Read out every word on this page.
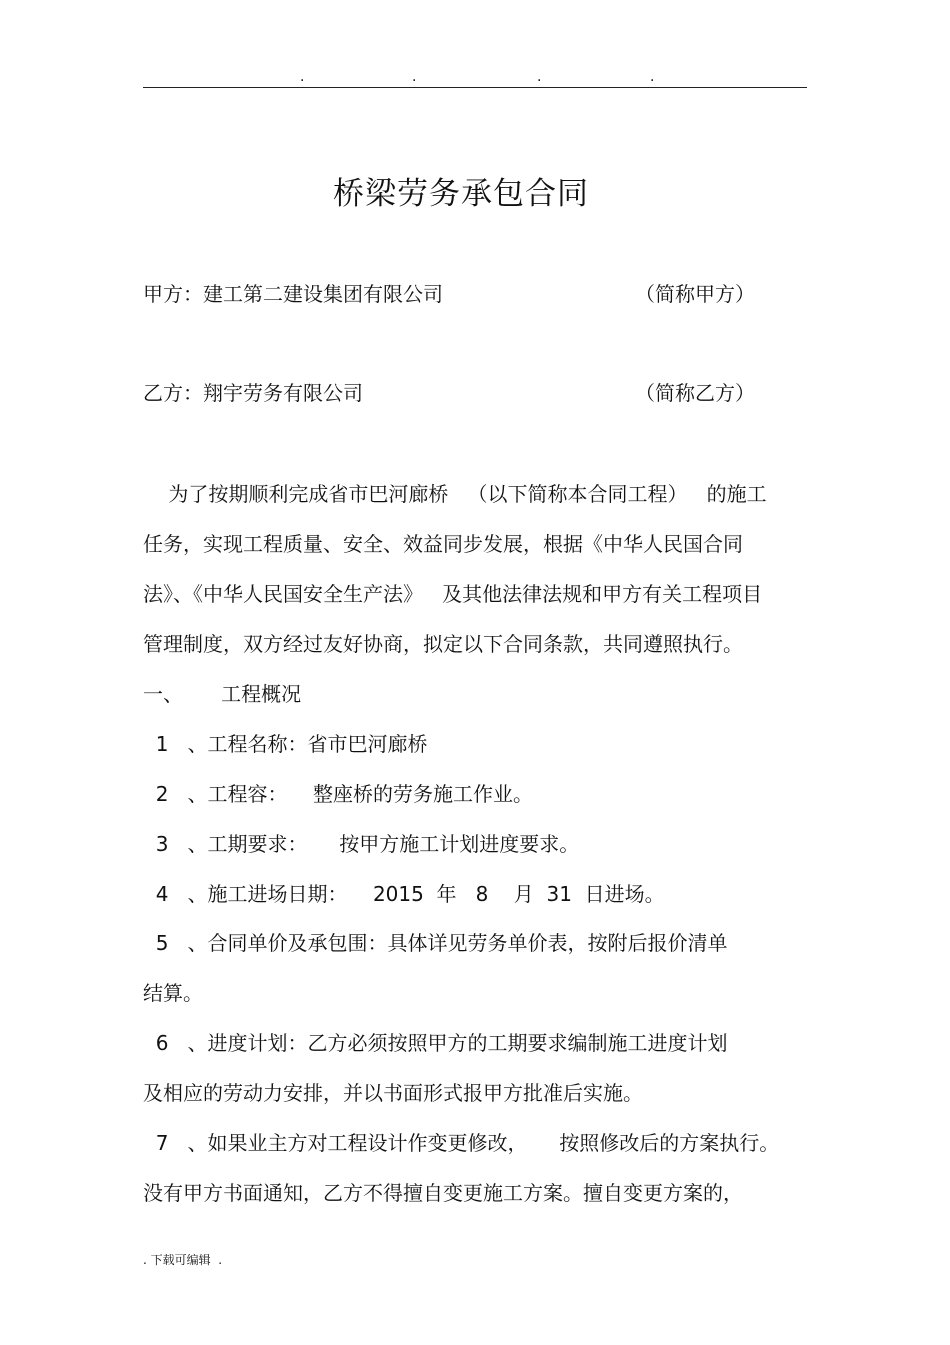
.	.	.	.
桥梁劳务承包合同
甲方：建工第二建设集团有限公司	（简称甲方）
乙方：翔宇劳务有限公司	（简称乙方）
为了按期顺利完成省市巴河廊桥   （以下简称本合同工程）   的施工
任务，实现工程质量、安全、效益同步发展，根据《中华人民国合同
法》、《中华人民国安全生产法》   及其他法律法规和甲方有关工程项目
管理制度，双方经过友好协商，拟定以下合同条款，共同遵照执行。
一、      工程概况
1   、工程名称：省市巴河廊桥
2   、工程容：    整座桥的劳务施工作业。
3   、工期要求：     按甲方施工计划进度要求。
4   、施工进场日期：    2015  年   8    月  31  日进场。
5   、合同单价及承包围：具体详见劳务单价表，按附后报价清单
结算。
6   、进度计划：乙方必须按照甲方的工期要求编制施工进度计划
及相应的劳动力安排，并以书面形式报甲方批准后实施。
7   、如果业主方对工程设计作变更修改，     按照修改后的方案执行。
没有甲方书面通知，乙方不得擅自变更施工方案。擅自变更方案的，
. 下载可编辑  .
